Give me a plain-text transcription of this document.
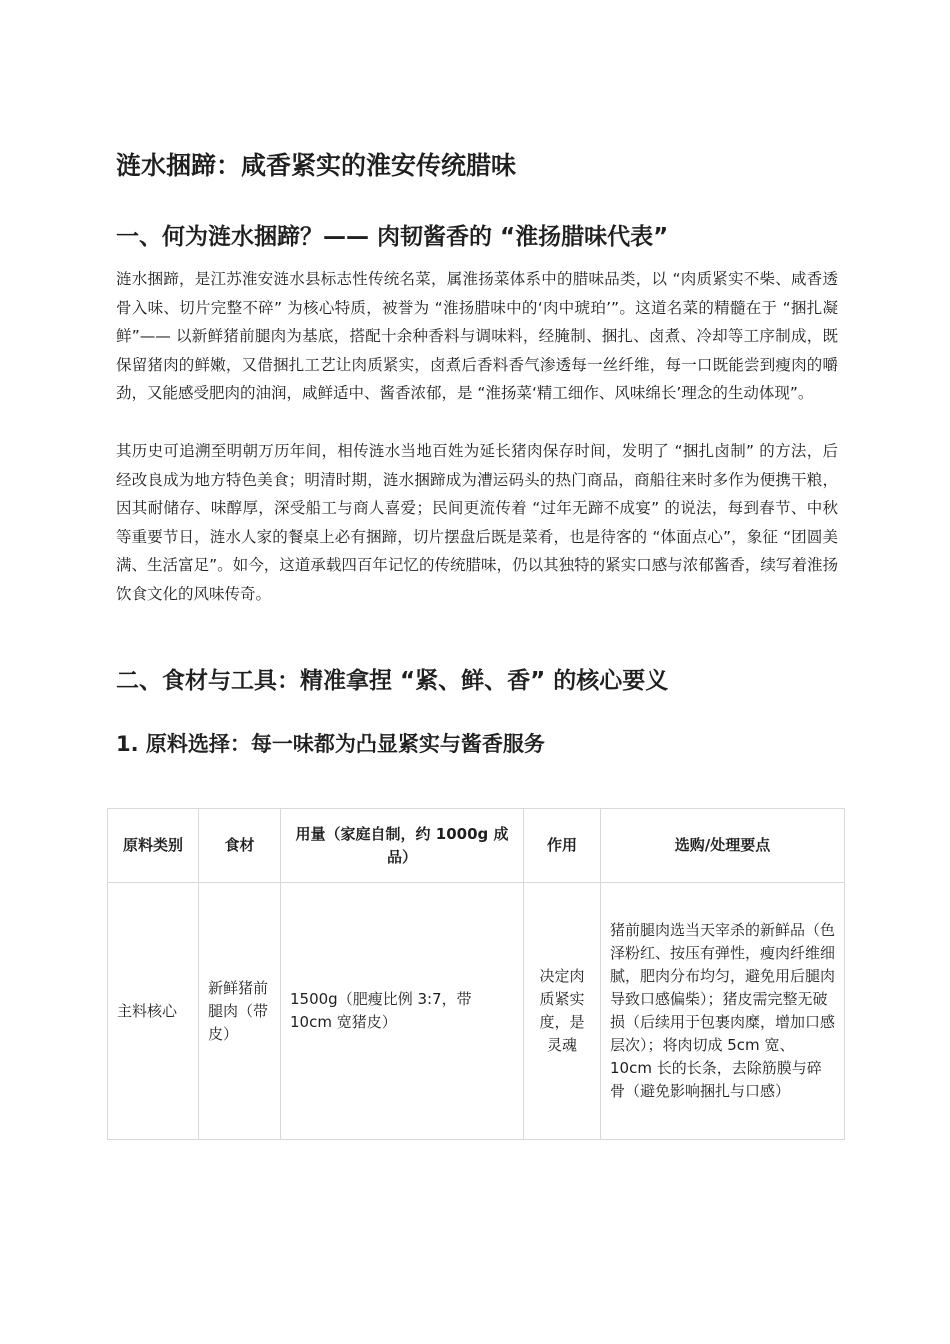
涟水捆蹄：咸香紧实的淮安传统腊味
一、何为涟水捆蹄？—— 肉韧酱香的 “淮扬腊味代表”

涟水捆蹄，是江苏淮安涟水县标志性传统名菜，属淮扬菜体系中的腊味品类，以 “肉质紧实不柴、咸香透骨入味、切片完整不碎” 为核心特质，被誉为 “淮扬腊味中的‘肉中琥珀’”。这道名菜的精髓在于 “捆扎凝鲜”—— 以新鲜猪前腿肉为基底，搭配十余种香料与调味料，经腌制、捆扎、卤煮、冷却等工序制成，既保留猪肉的鲜嫩，又借捆扎工艺让肉质紧实，卤煮后香料香气渗透每一丝纤维，每一口既能尝到瘦肉的嚼劲，又能感受肥肉的油润，咸鲜适中、酱香浓郁，是 “淮扬菜‘精工细作、风味绵长’理念的生动体现”。

其历史可追溯至明朝万历年间，相传涟水当地百姓为延长猪肉保存时间，发明了 “捆扎卤制” 的方法，后经改良成为地方特色美食；明清时期，涟水捆蹄成为漕运码头的热门商品，商船往来时多作为便携干粮，因其耐储存、味醇厚，深受船工与商人喜爱；民间更流传着 “过年无蹄不成宴” 的说法，每到春节、中秋等重要节日，涟水人家的餐桌上必有捆蹄，切片摆盘后既是菜肴，也是待客的 “体面点心”，象征 “团圆美满、生活富足”。如今，这道承载四百年记忆的传统腊味，仍以其独特的紧实口感与浓郁酱香，续写着淮扬饮食文化的风味传奇。

二、食材与工具：精准拿捏 “紧、鲜、香” 的核心要义
1. 原料选择：每一味都为凸显紧实与酱香服务
原料类别	食材	用量（家庭自制，约 1000g 成品）	作用	选购/处理要点
主料核心	新鲜猪前腿肉（带皮）	1500g（肥瘦比例 3:7，带 10cm 宽猪皮）	决定肉质紧实度，是灵魂	猪前腿肉选当天宰杀的新鲜品（色泽粉红、按压有弹性，瘦肉纤维细腻，肥肉分布均匀，避免用后腿肉导致口感偏柴）；猪皮需完整无破损（后续用于包裹肉糜，增加口感层次）；将肉切成 5cm 宽、10cm 长的长条，去除筋膜与碎骨（避免影响捆扎与口感）
